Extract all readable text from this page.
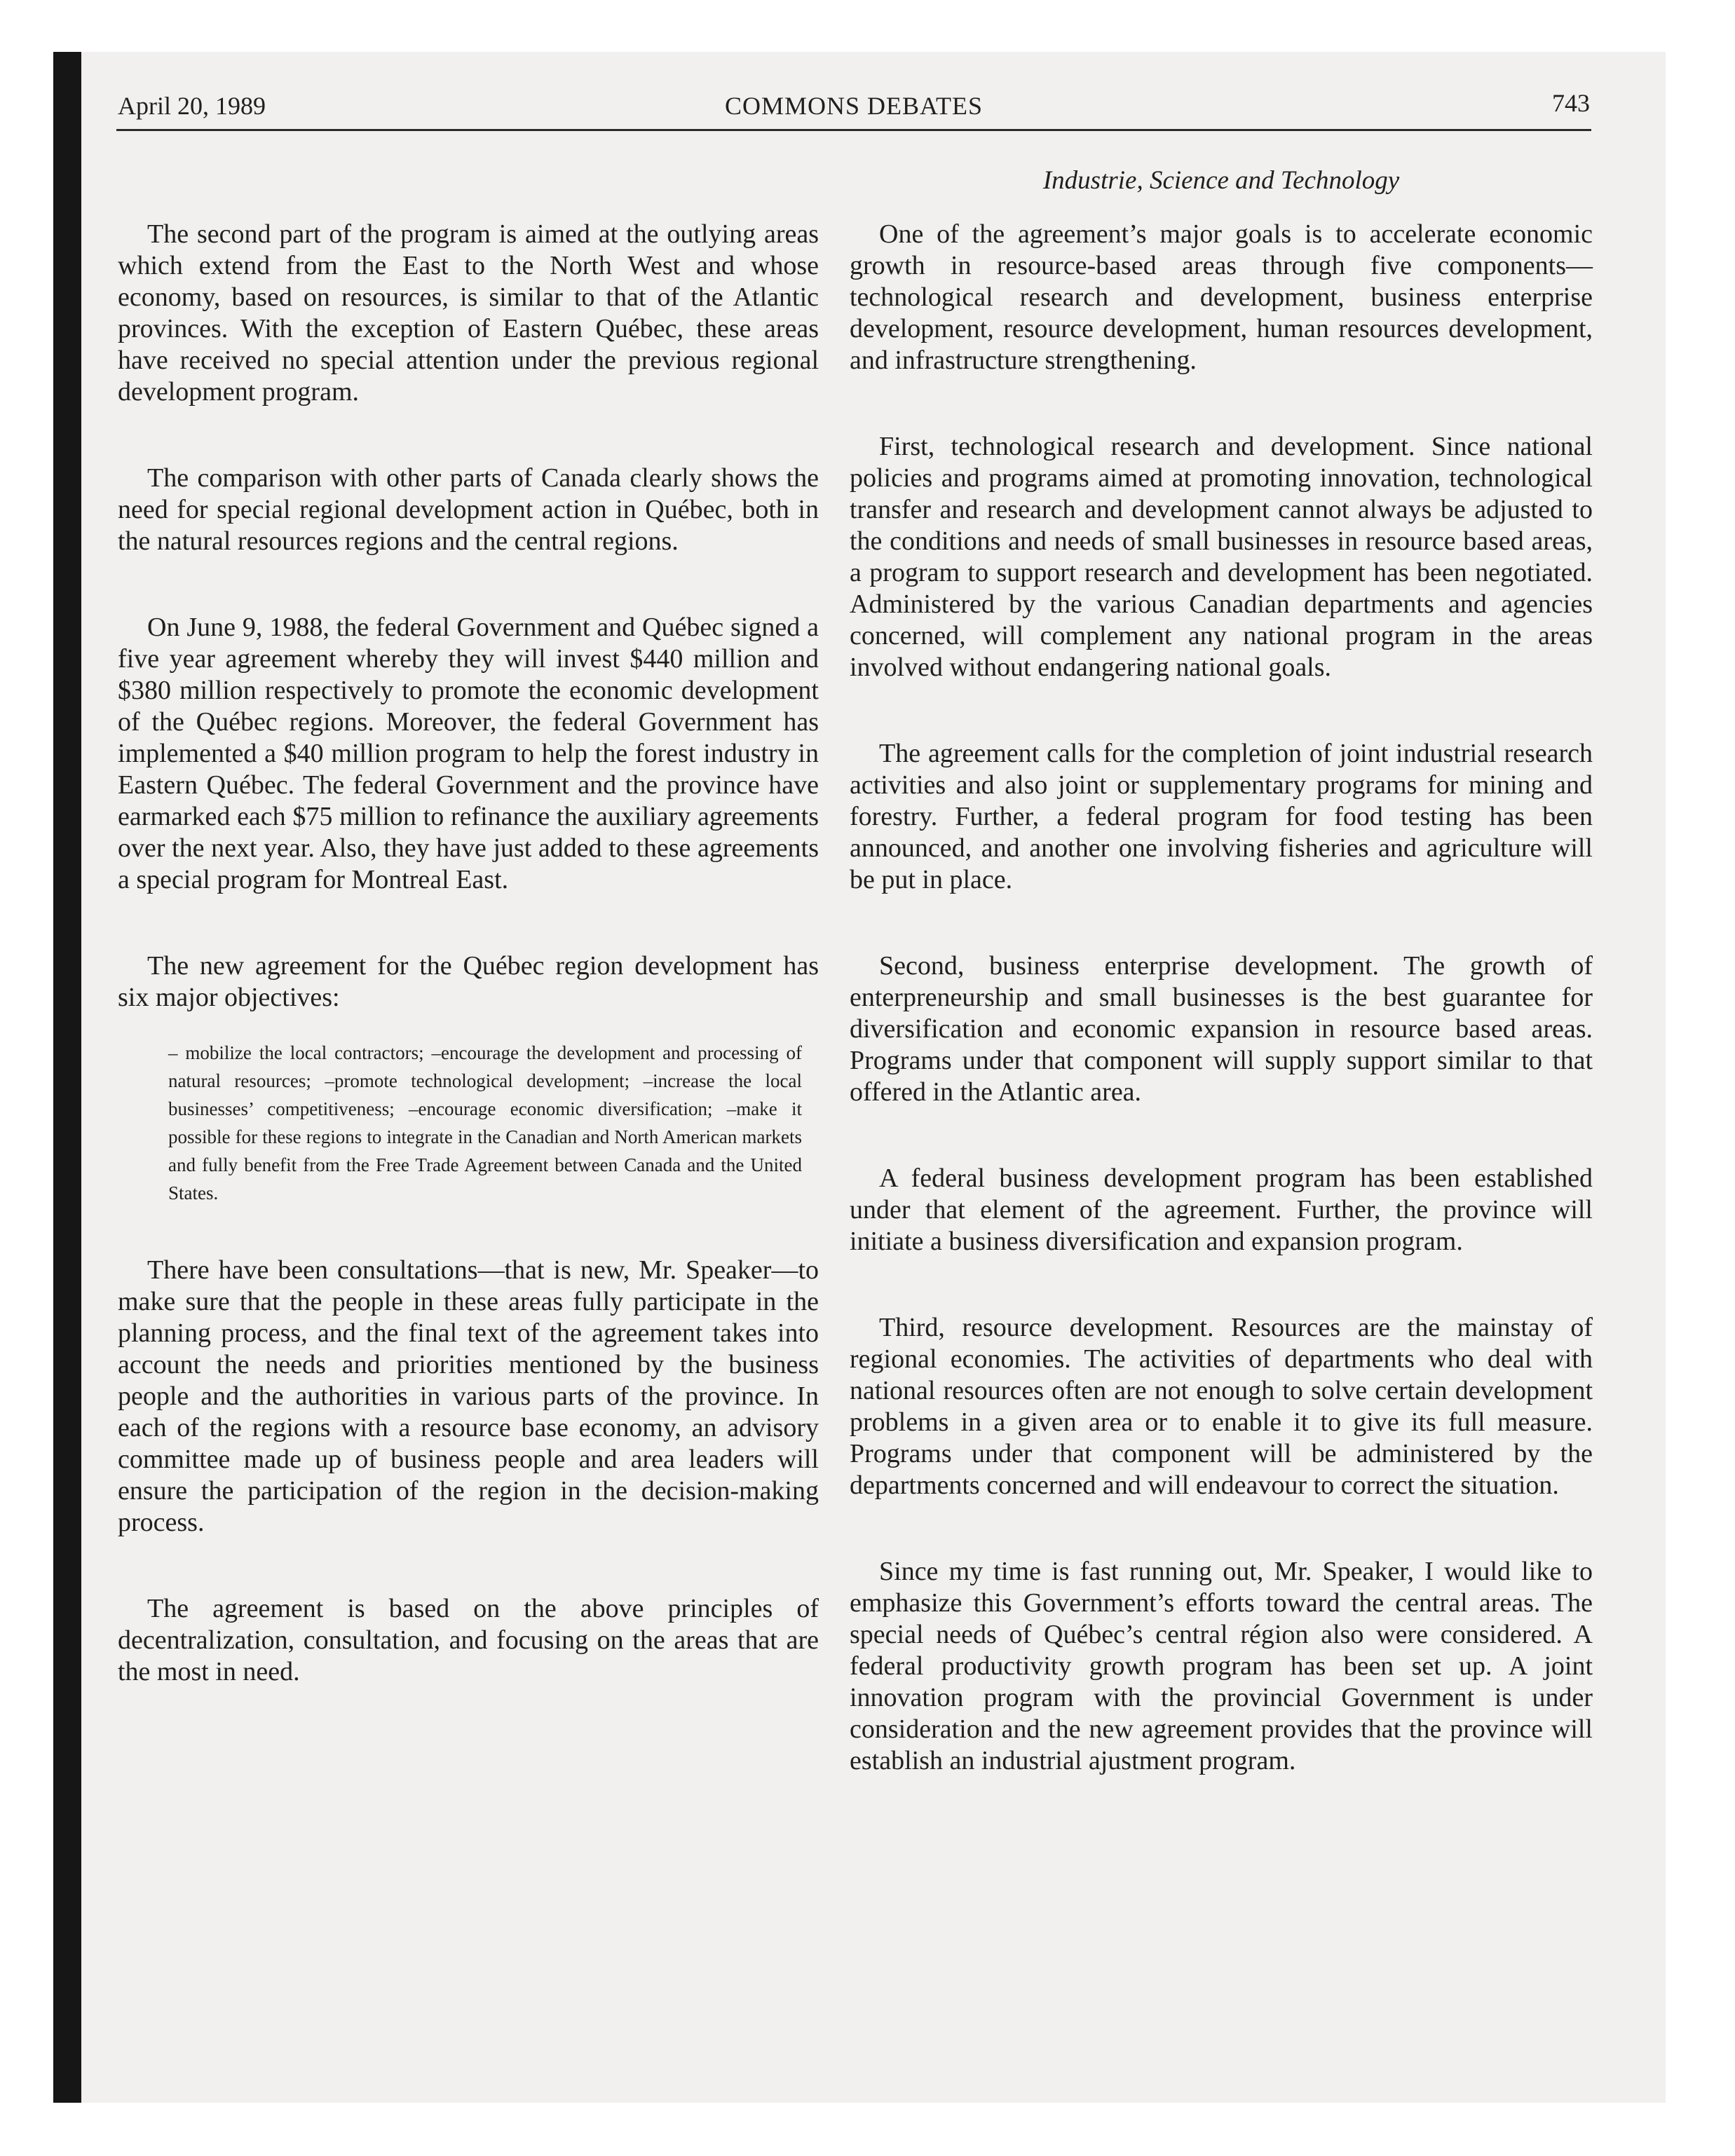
April 20, 1989	COMMONS DEBATES	743
Industrie, Science and Technology

The second part of the program is aimed at the outlying areas which extend from the East to the North West and whose economy, based on resources, is similar to that of the Atlantic provinces. With the exception of Eastern Québec, these areas have received no special attention under the previous regional development program.

The comparison with other parts of Canada clearly shows the need for special regional development action in Québec, both in the natural resources regions and the central regions.

On June 9, 1988, the federal Government and Québec signed a five year agreement whereby they will invest $440 million and $380 million respectively to promote the economic development of the Québec regions. Moreover, the federal Government has implemented a $40 million program to help the forest industry in Eastern Québec. The federal Government and the province have earmarked each $75 million to refinance the auxiliary agreements over the next year. Also, they have just added to these agreements a special program for Montreal East.

The new agreement for the Québec region development has six major objectives:

– mobilize the local contractors; –encourage the development and processing of natural resources; –promote technological development; –increase the local businesses’ competitiveness; –encourage economic diversification; –make it possible for these regions to integrate in the Canadian and North American markets and fully benefit from the Free Trade Agreement between Canada and the United States.

There have been consultations—that is new, Mr. Speaker—to make sure that the people in these areas fully participate in the planning process, and the final text of the agreement takes into account the needs and priorities mentioned by the business people and the authorities in various parts of the province. In each of the regions with a resource base economy, an advisory committee made up of business people and area leaders will ensure the participation of the region in the decision-making process.

The agreement is based on the above principles of decentralization, consultation, and focusing on the areas that are the most in need.

One of the agreement’s major goals is to accelerate economic growth in resource-based areas through five components—technological research and development, business enterprise development, resource development, human resources development, and infrastructure strengthening.

First, technological research and development. Since national policies and programs aimed at promoting innovation, technological transfer and research and development cannot always be adjusted to the conditions and needs of small businesses in resource based areas, a program to support research and development has been negotiated. Administered by the various Canadian departments and agencies concerned, will complement any national program in the areas involved without endangering national goals.

The agreement calls for the completion of joint industrial research activities and also joint or supplementary programs for mining and forestry. Further, a federal program for food testing has been announced, and another one involving fisheries and agriculture will be put in place.

Second, business enterprise development. The growth of enterpreneurship and small businesses is the best guarantee for diversification and economic expansion in resource based areas. Programs under that component will supply support similar to that offered in the Atlantic area.

A federal business development program has been established under that element of the agreement. Further, the province will initiate a business diversification and expansion program.

Third, resource development. Resources are the mainstay of regional economies. The activities of departments who deal with national resources often are not enough to solve certain development problems in a given area or to enable it to give its full measure. Programs under that component will be administered by the departments concerned and will endeavour to correct the situation.

Since my time is fast running out, Mr. Speaker, I would like to emphasize this Government’s efforts toward the central areas. The special needs of Québec’s central région also were considered. A federal productivity growth program has been set up. A joint innovation program with the provincial Government is under consideration and the new agreement provides that the province will establish an industrial ajustment program.
